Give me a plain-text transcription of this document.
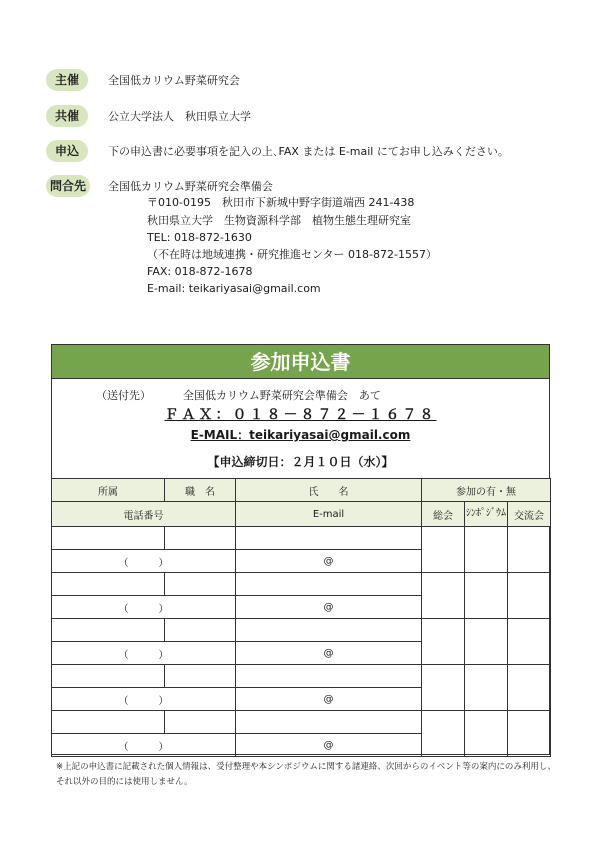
主催	全国低カリウム野菜研究会
共催	公立大学法人　秋田県立大学
申込	下の申込書に必要事項を記入の上､FAX または E-mail にてお申し込みください。
問合先	全国低カリウム野菜研究会準備会
〒010-0195　秋田市下新城中野字街道端西 241-438
秋田県立大学　生物資源科学部　植物生態生理研究室
TEL: 018-872-1630
（不在時は地域連携・研究推進センター 018-872-1557）
FAX: 018-872-1678
E-mail: teikariyasai@gmail.com
参加申込書
（送付先）	全国低カリウム野菜研究会準備会　あて
ＦＡＸ：０１８－８７２－１６７８
E-MAIL：teikariyasai@gmail.com
【申込締切日：２月１０日（水）】
所属	職　名	氏　　名	参加の有・無		
電話番号		E-mail	総会	ｼﾝﾎﾟｼﾞｳﾑ	交流会

（　　　）		@			

（　　　）		@			

（　　　）		@			

（　　　）		@			

（　　　）		@			
※上記の申込書に記載された個人情報は、受付整理や本シンポジウムに関する諸連絡、次回からのイベント等の案内にのみ利用し、それ以外の目的には使用しません。
